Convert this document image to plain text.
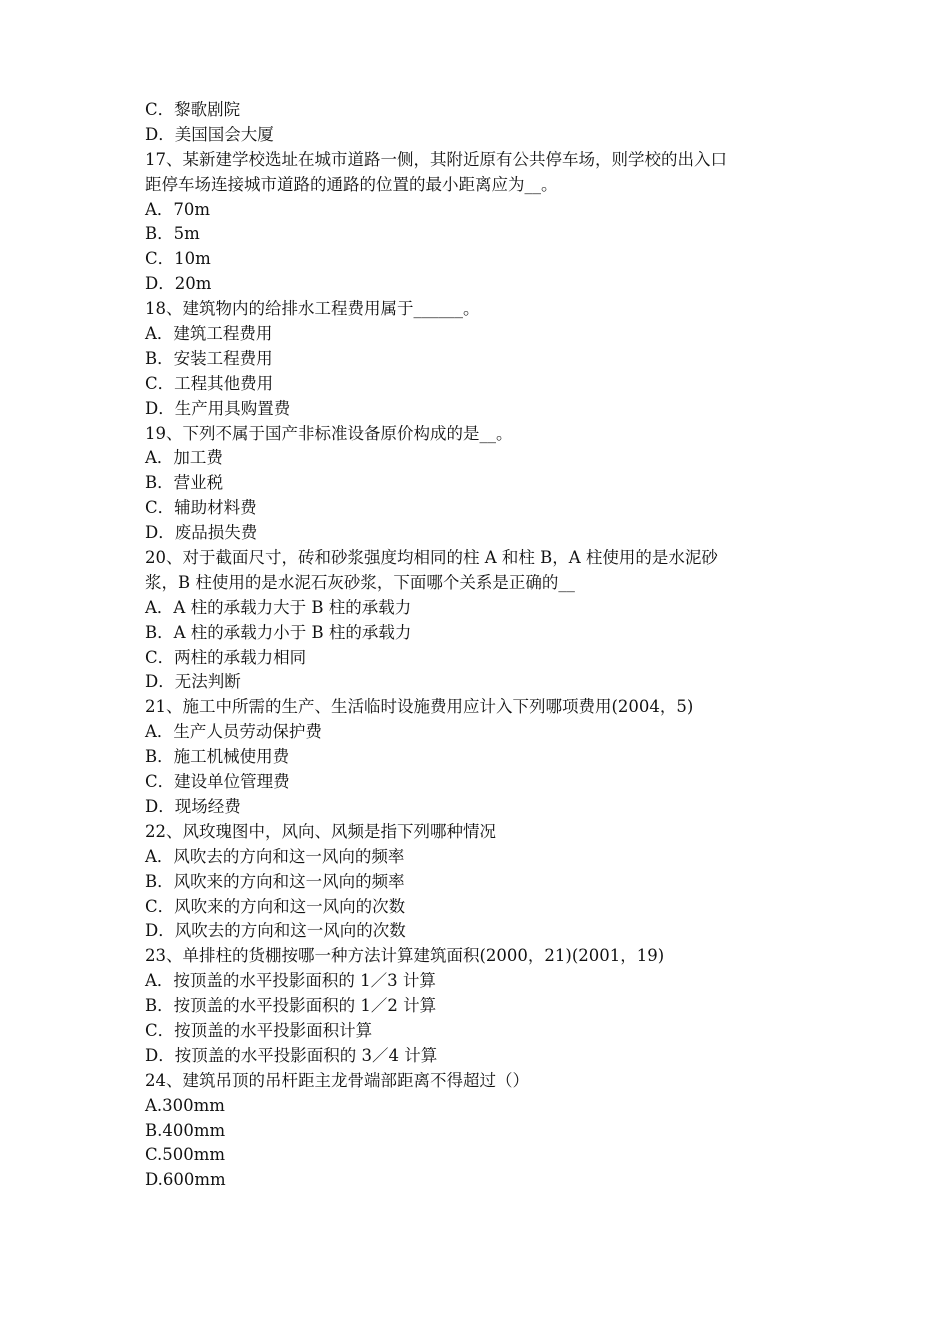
C．黎歌剧院
D．美国国会大厦
17、某新建学校选址在城市道路一侧，其附近原有公共停车场，则学校的出入口
距停车场连接城市道路的通路的位置的最小距离应为__。
A．70m
B．5m
C．10m
D．20m
18、建筑物内的给排水工程费用属于______。
A．建筑工程费用
B．安装工程费用
C．工程其他费用
D．生产用具购置费
19、下列不属于国产非标准设备原价构成的是__。
A．加工费
B．营业税
C．辅助材料费
D．废品损失费
20、对于截面尺寸，砖和砂浆强度均相同的柱 A 和柱 B，A 柱使用的是水泥砂
浆，B 柱使用的是水泥石灰砂浆，下面哪个关系是正确的__
A．A 柱的承载力大于 B 柱的承载力
B．A 柱的承载力小于 B 柱的承载力
C．两柱的承载力相同
D．无法判断
21、施工中所需的生产、生活临时设施费用应计入下列哪项费用(2004，5)
A．生产人员劳动保护费
B．施工机械使用费
C．建设单位管理费
D．现场经费
22、风玫瑰图中，风向、风频是指下列哪种情况
A．风吹去的方向和这一风向的频率
B．风吹来的方向和这一风向的频率
C．风吹来的方向和这一风向的次数
D．风吹去的方向和这一风向的次数
23、单排柱的货棚按哪一种方法计算建筑面积(2000，21)(2001，19)
A．按顶盖的水平投影面积的 1／3 计算
B．按顶盖的水平投影面积的 1／2 计算
C．按顶盖的水平投影面积计算
D．按顶盖的水平投影面积的 3／4 计算
24、建筑吊顶的吊杆距主龙骨端部距离不得超过（）
A.300mm
B.400mm
C.500mm
D.600mm
